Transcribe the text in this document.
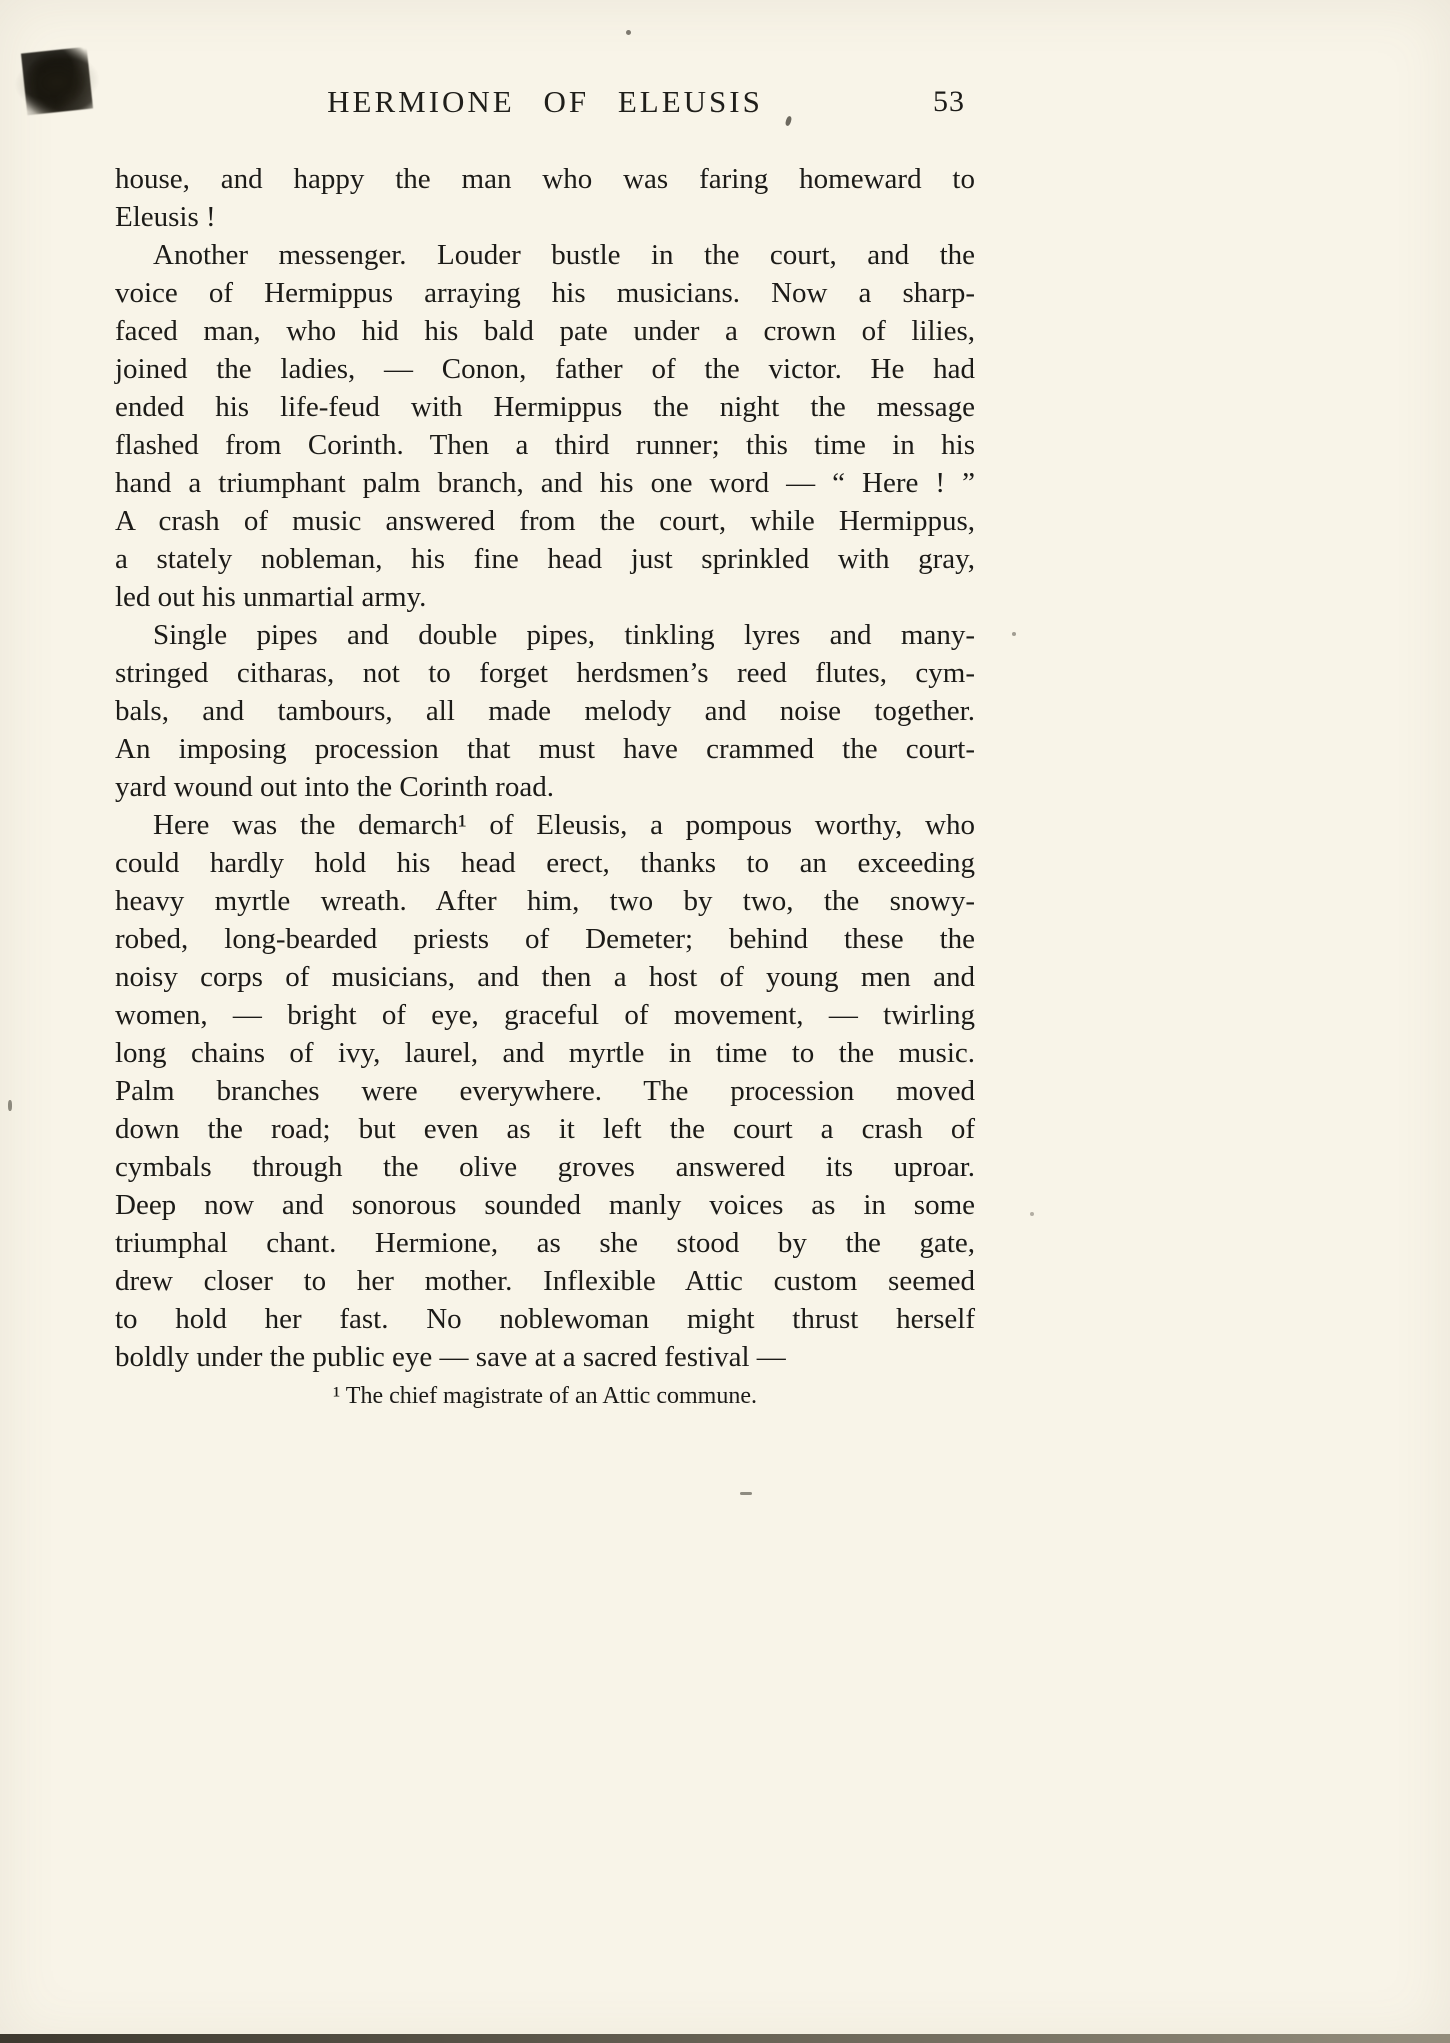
HERMIONE OF ELEUSIS	53
house, and happy the man who was faring homeward to
Eleusis !
Another messenger. Louder bustle in the court, and the
voice of Hermippus arraying his musicians. Now a sharp-
faced man, who hid his bald pate under a crown of lilies,
joined the ladies, — Conon, father of the victor. He had
ended his life-feud with Hermippus the night the message
flashed from Corinth. Then a third runner; this time in his
hand a triumphant palm branch, and his one word — “ Here ! ”
A crash of music answered from the court, while Hermippus,
a stately nobleman, his fine head just sprinkled with gray,
led out his unmartial army.
Single pipes and double pipes, tinkling lyres and many-
stringed citharas, not to forget herdsmen’s reed flutes, cym-
bals, and tambours, all made melody and noise together.
An imposing procession that must have crammed the court-
yard wound out into the Corinth road.
Here was the demarch¹ of Eleusis, a pompous worthy, who
could hardly hold his head erect, thanks to an exceeding
heavy myrtle wreath. After him, two by two, the snowy-
robed, long-bearded priests of Demeter; behind these the
noisy corps of musicians, and then a host of young men and
women, — bright of eye, graceful of movement, — twirling
long chains of ivy, laurel, and myrtle in time to the music.
Palm branches were everywhere. The procession moved
down the road; but even as it left the court a crash of
cymbals through the olive groves answered its uproar.
Deep now and sonorous sounded manly voices as in some
triumphal chant. Hermione, as she stood by the gate,
drew closer to her mother. Inflexible Attic custom seemed
to hold her fast. No noblewoman might thrust herself
boldly under the public eye — save at a sacred festival —
¹ The chief magistrate of an Attic commune.
